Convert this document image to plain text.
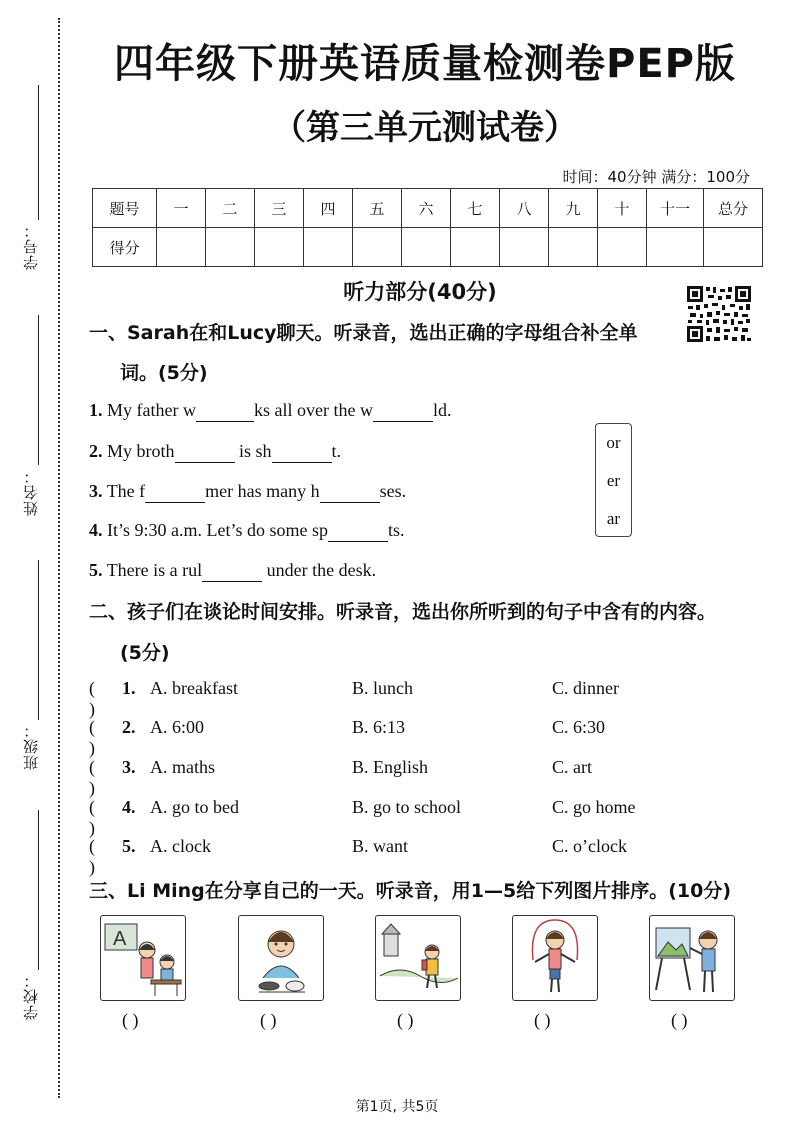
学号：
姓名：
班级：
学校：
四年级下册英语质量检测卷PEP版
（第三单元测试卷）
时间：40分钟 满分：100分
题号	一	二	三	四	五	六	七	八	九	十	十一	总分
得分												
听力部分(40分)
一、Sarah在和Lucy聊天。听录音，选出正确的字母组合补全单
词。(5分)
1. My father w	ks all over the w	ld.
2. My broth	is sh	t.
3. The f	mer has many h	ses.
4. It’s 9:30 a.m. Let’s do some sp	ts.
5. There is a rul	under the desk.
or
er
ar
二、孩子们在谈论时间安排。听录音，选出你所听到的句子中含有的内容。
(5分)
( )
1. A. breakfast	B. lunch	C. dinner
( )
2. A. 6:00	B. 6:13	C. 6:30
( )
3. A. maths	B. English	C. art
( )
4. A. go to bed	B. go to school	C. go home
( )
5. A. clock	B. want	C. o’clock
三、Li Ming在分享自己的一天。听录音，用1—5给下列图片排序。(10分)
A
( )	( )	( )	( )	( )
第1页, 共5页
